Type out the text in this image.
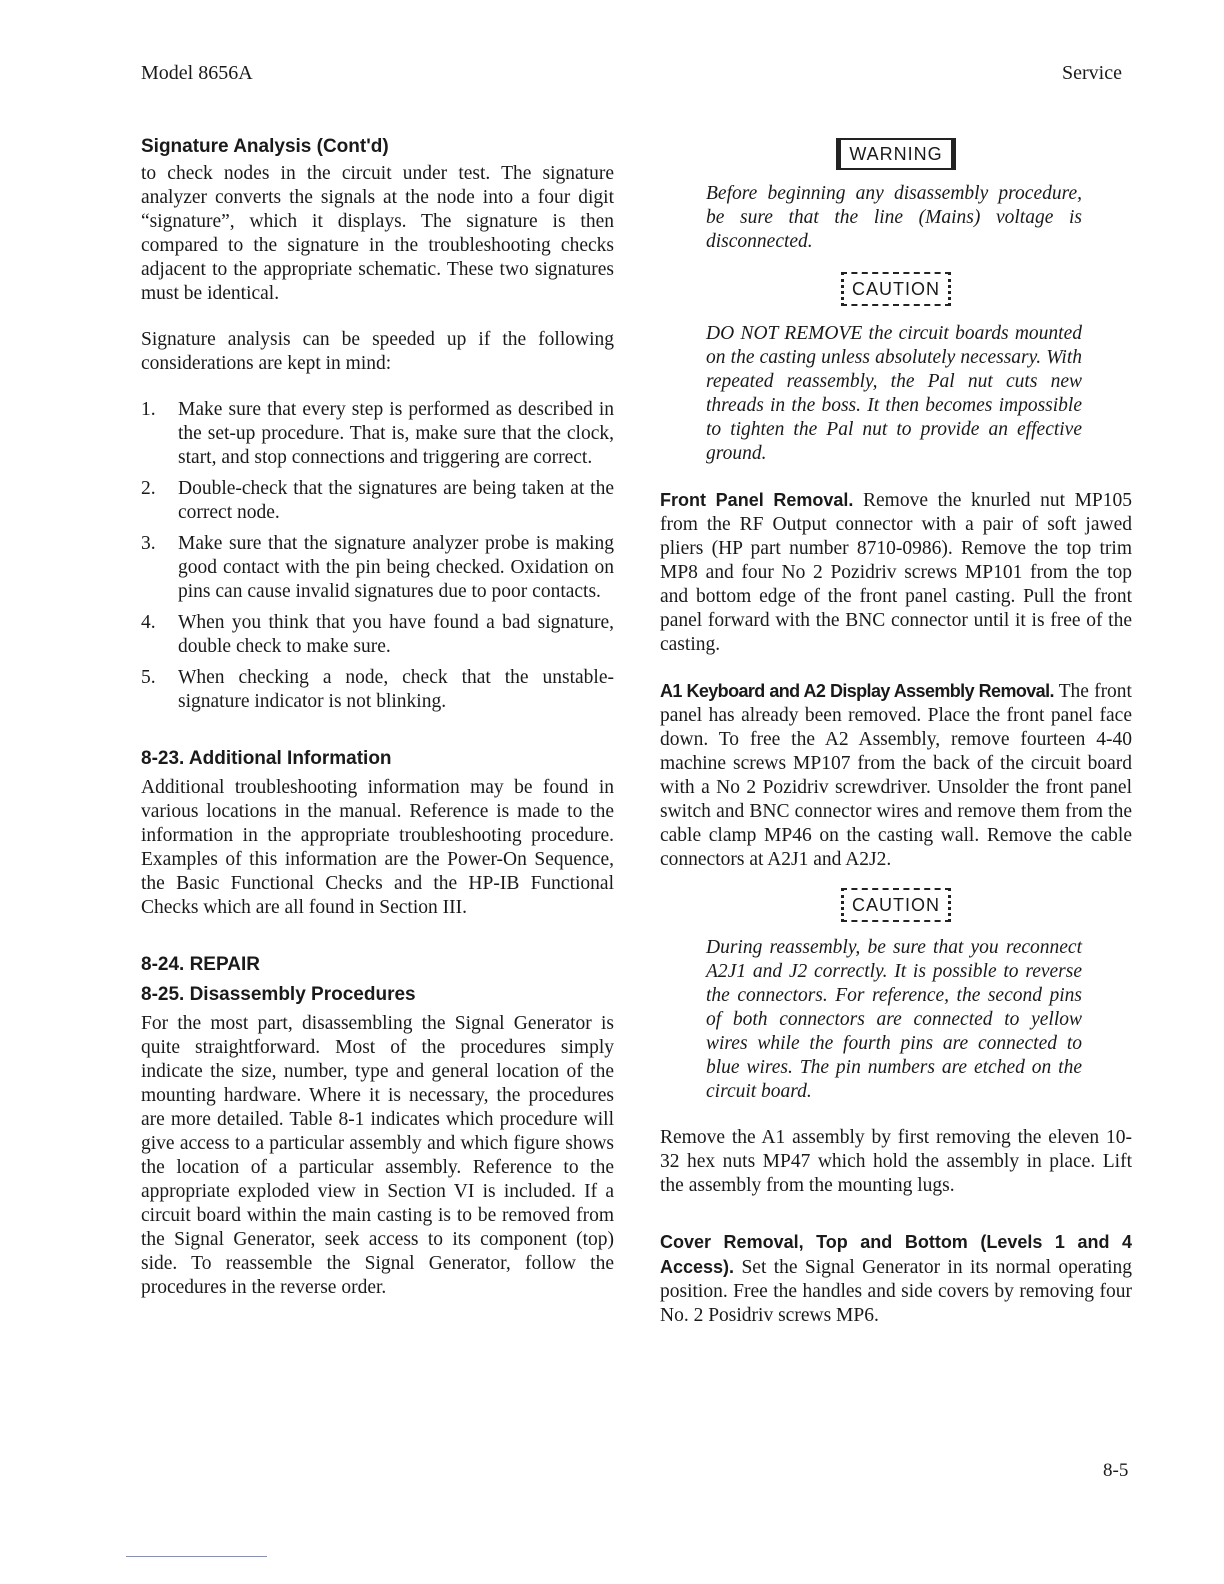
Model 8656A	Service
Signature Analysis (Cont'd)

to check nodes in the circuit under test. The signature analyzer converts the signals at the node into a four digit “signature”, which it displays. The signature is then compared to the signature in the troubleshooting checks adjacent to the appropriate schematic. These two signatures must be identical.

Signature analysis can be speeded up if the following considerations are kept in mind:

1. Make sure that every step is performed as described in the set-up procedure. That is, make sure that the clock, start, and stop connections and triggering are correct.
2. Double-check that the signatures are being taken at the correct node.
3. Make sure that the signature analyzer probe is making good contact with the pin being checked. Oxidation on pins can cause invalid signatures due to poor contacts.
4. When you think that you have found a bad signature, double check to make sure.
5. When checking a node, check that the unstable-signature indicator is not blinking.
8-23. Additional Information

Additional troubleshooting information may be found in various locations in the manual. Reference is made to the information in the appropriate troubleshooting procedure. Examples of this information are the Power-On Sequence, the Basic Functional Checks and the HP-IB Functional Checks which are all found in Section III.

8-24. REPAIR
8-25. Disassembly Procedures

For the most part, disassembling the Signal Generator is quite straightforward. Most of the procedures simply indicate the size, number, type and general location of the mounting hardware. Where it is necessary, the procedures are more detailed. Table 8-1 indicates which procedure will give access to a particular assembly and which figure shows the location of a particular assembly. Reference to the appropriate exploded view in Section VI is included. If a circuit board within the main casting is to be removed from the Signal Generator, seek access to its component (top) side. To reassemble the Signal Generator, follow the procedures in the reverse order.

WARNING

Before beginning any disassembly procedure, be sure that the line (Mains) voltage is disconnected.

CAUTION

DO NOT REMOVE the circuit boards mounted on the casting unless absolutely necessary. With repeated reassembly, the Pal nut cuts new threads in the boss. It then becomes impossible to tighten the Pal nut to provide an effective ground.

Front Panel Removal. Remove the knurled nut MP105 from the RF Output connector with a pair of soft jawed pliers (HP part number 8710-0986). Remove the top trim MP8 and four No 2 Pozidriv screws MP101 from the top and bottom edge of the front panel casting. Pull the front panel forward with the BNC connector until it is free of the casting.

A1 Keyboard and A2 Display Assembly Removal. The front panel has already been removed. Place the front panel face down. To free the A2 Assembly, remove fourteen 4-40 machine screws MP107 from the back of the circuit board with a No 2 Pozidriv screwdriver. Unsolder the front panel switch and BNC connector wires and remove them from the cable clamp MP46 on the casting wall. Remove the cable connectors at A2J1 and A2J2.

CAUTION

During reassembly, be sure that you reconnect A2J1 and J2 correctly. It is possible to reverse the connectors. For reference, the second pins of both connectors are connected to yellow wires while the fourth pins are connected to blue wires. The pin numbers are etched on the circuit board.

Remove the A1 assembly by first removing the eleven 10-32 hex nuts MP47 which hold the assembly in place. Lift the assembly from the mounting lugs.

Cover Removal, Top and Bottom (Levels 1 and 4 Access). Set the Signal Generator in its normal operating position. Free the handles and side covers by removing four No. 2 Posidriv screws MP6.

8-5
